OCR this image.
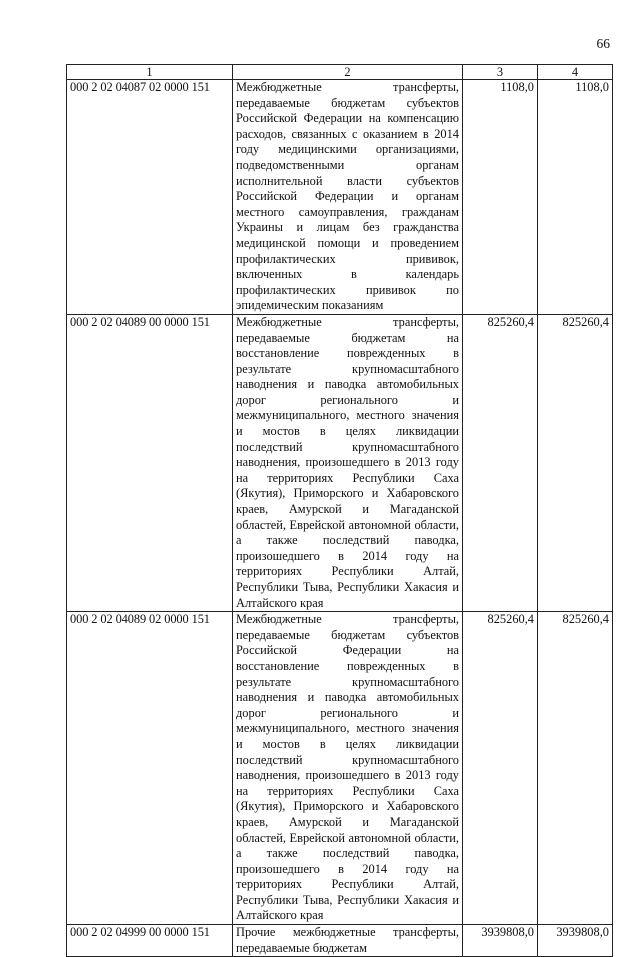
66
1	2	3	4
000 2 02 04087 02 0000 151	Межбюджетные трансферты, передаваемые бюджетам субъектов Российской Федерации на компенсацию расходов, связанных с оказанием в 2014 году медицинскими организациями, подведомственными органам исполнительной власти субъектов Российской Федерации и органам местного самоуправления, гражданам Украины и лицам без гражданства медицинской помощи и проведением профилактических прививок, включенных в календарь профилактических прививок по эпидемическим показаниям	1108,0	1108,0
000 2 02 04089 00 0000 151	Межбюджетные трансферты, передаваемые бюджетам на восстановление поврежденных в результате крупномасштабного наводнения и паводка автомобильных дорог регионального и межмуниципального, местного значения и мостов в целях ликвидации последствий крупномасштабного наводнения, произошедшего в 2013 году на территориях Республики Саха (Якутия), Приморского и Хабаровского краев, Амурской и Магаданской областей, Еврейской автономной области, а также последствий паводка, произошедшего в 2014 году на территориях Республики Алтай, Республики Тыва, Республики Хакасия и Алтайского края	825260,4	825260,4
000 2 02 04089 02 0000 151	Межбюджетные трансферты, передаваемые бюджетам субъектов Российской Федерации на восстановление поврежденных в результате крупномасштабного наводнения и паводка автомобильных дорог регионального и межмуниципального, местного значения и мостов в целях ликвидации последствий крупномасштабного наводнения, произошедшего в 2013 году на территориях Республики Саха (Якутия), Приморского и Хабаровского краев, Амурской и Магаданской областей, Еврейской автономной области, а также последствий паводка, произошедшего в 2014 году на территориях Республики Алтай, Республики Тыва, Республики Хакасия и Алтайского края	825260,4	825260,4
000 2 02 04999 00 0000 151	Прочие межбюджетные трансферты, передаваемые бюджетам	3939808,0	3939808,0
